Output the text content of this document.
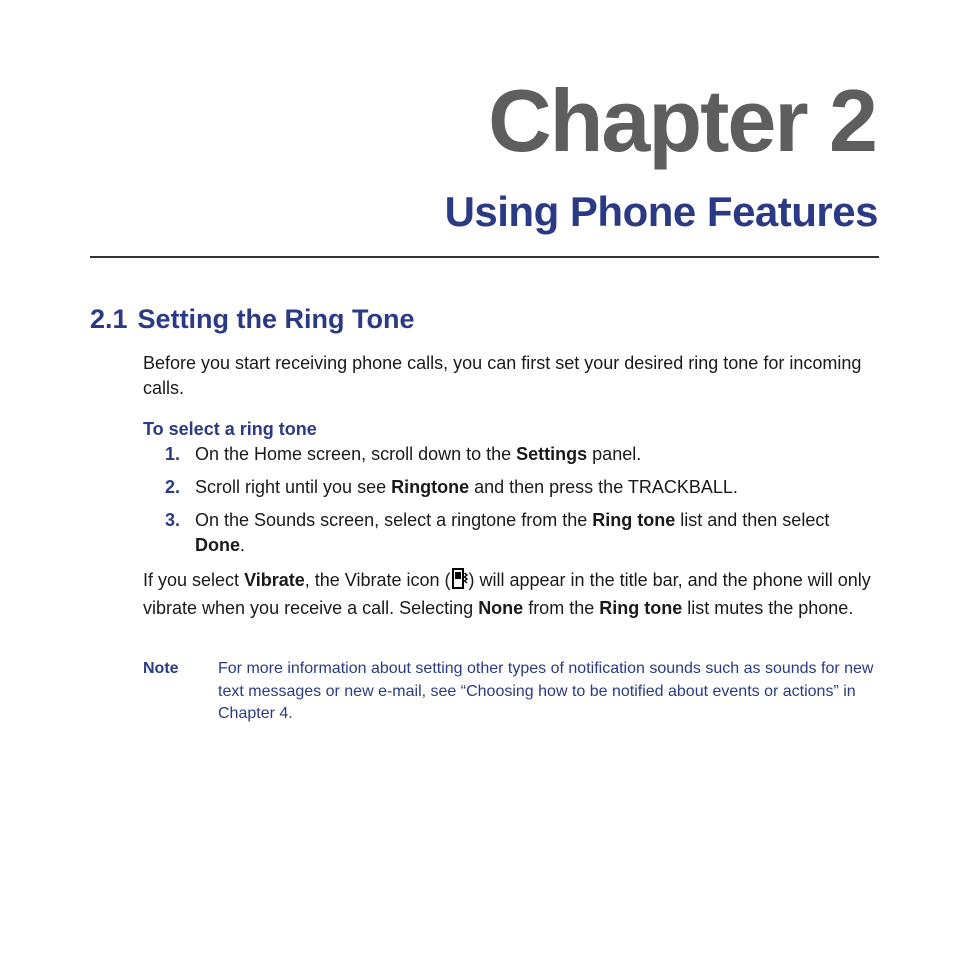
Chapter 2
Using Phone Features
2.1 Setting the Ring Tone
Before you start receiving phone calls, you can first set your desired ring tone for incoming calls.
To select a ring tone
1. On the Home screen, scroll down to the Settings panel.
2. Scroll right until you see Ringtone and then press the TRACKBALL.
3. On the Sounds screen, select a ringtone from the Ring tone list and then select Done.
If you select Vibrate, the Vibrate icon ( ) will appear in the title bar, and the phone will only vibrate when you receive a call. Selecting None from the Ring tone list mutes the phone.
Note For more information about setting other types of notification sounds such as sounds for new text messages or new e-mail, see “Choosing how to be notified about events or actions” in Chapter 4.
